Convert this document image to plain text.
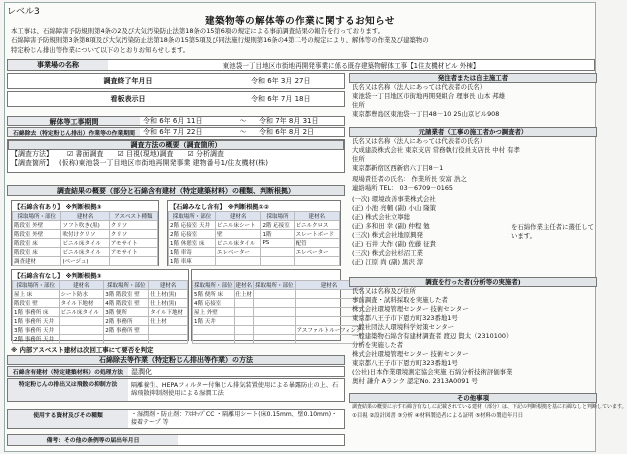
レベル3
建築物等の解体等の作業に関するお知らせ
本工事は、石綿障害予防規則第4条の2及び大気汚染防止法第18条の15第6項の規定による事前調査結果の報告を行っております。
石綿障害予防規則第3条第8項及び大気汚染防止法第18条の15第5項及び同法施行規則第16条の4第二号の規定により、解体等の作業及び建築物の
特定粉じん排出等作業について以下のとおりお知らせします。
事業場の名称	東池袋一丁目地区市街地再開発事業に係る既存建築物解体工事【1住友機材ビル 外棟】
調査終了年月日	令和 6年 3月 27日
看板表示日	令和 6年 7月 18日
解体等工事期間	令和 6年 6月 11日	〜	令和 7年 8月 31日
石綿除去（特定粉じん排出）作業等の作業期間	令和 6年 7月 22日	〜	令和 6年 8月 2日
調査方法の概要（調査箇所）
【調査方法】 ☑ 書面調査 ☑ 目視(現地)調査 ☑ 分析調査
【調査箇所】 (仮称)東池袋一丁目地区市街地再開発事業 建物番号1/住友機材(株)
調査結果の概要（部分と石綿含有建材（特定建築材料）の種類、判断根拠）
【石綿含有あり】 ※判断根拠③
採取場所・部位	建材名	アスベスト種類
階段室 外壁	ソフト吹き(黒)	クリソ
階段室 外壁	吹付けクリソ	クリソ
階段室 床	ビニル床タイル	アモサイト
階段室 床	ビニル床タイル	アモサイト
調査建材	(ベージュ)	
【石綿みなし含有】 ※判断根拠①②
採取場所・部位	建材名	採取場所	建材名
2階 応接室 天井	ビニル床シート	2階 応接室	ビニルクロス
2階 応接室	壁	1階	スレートボード
1階 休憩室 床	ビニル床タイル	PS	配管
1階 車寄	エレベーター		エレベーター
1階 車庫			
【石綿含有なし】 ※判断根拠③
採取場所・部位	建材名	採取場所・部位	建材名
屋上 床	シート防水	3階 階段室 壁	仕上材(黒)
階段室 壁	タイル下地材	4階 階段室 壁	仕上材(黒)
1階 事務所 床	ビニル床タイル	3階 便所	タイル下地材
1階 事務所 天井		2階 事務所	仕上材
3階 事務所 天井		2階 事務所 壁	
2階 事務所 天井			
採取場所・部位	建材名	採取場所・部位	建材名
5階 便所 床	仕上材		
4階 応接室			
屋上 外壁			
1階 天井			
			アスファルトルーフィング

※ 内部アスベスト建材は次回工事にて要否を判定
石綿除去等作業（特定粉じん排出等作業）の方法
石綿含有建材（特定建築材料）の処理方法	湿潤化
特定粉じんの排出又は飛散の抑制方法	隔離養生、HEPAフィルター付集じん排気装置使用による暴露防止の上、石綿飛散抑制剤使用による湿潤工法
使用する資材及びその種類	・湿潤剤・防止剤：ｱｽﾈｷｯﾌﾟCC ・隔離用シート(床0.15mm、壁0.10mm)・接着テープ 等
備考：その他の条例等の届出年月日
発注者または自主施工者
氏名又は名称（法人にあっては代表者の氏名）
東池袋一丁目地区市街地再開発組合 理事長 山本 邦雄
住所
東京都豊島区東池袋一丁目48－10 25山京ビル908
元請業者（工事の施工者かつ調査者）
氏名又は名称（法人にあっては代表者の氏名）
大成建設株式会社 東京支店 常務執行役員支店長 中村 有孝
住所
東京都新宿区西新宿六丁目8－1
現場責任者の氏名： 作業所長 安富 浩之
連絡場所 TEL： 03－6709－0165
(一次) 環境改善事業株式会社
(正) 小池 亮輔 (副) 小山 隆策
(正) 株式会社立寧総
(正) 多和田 幸 (副) 仲程 勉
(三次) 株式会社地原興発
(正) 石井 大作 (副) 佐藤 征貴
(三次) 株式会社杉沼工業
(正) 江原 尚 (副) 黒沢 淳
を石綿作業主任者に選任しています。
調査を行った者(分析等の実施者)
氏名又は名称及び住所
事前調査・試料採取を実施した者
株式会社環境管理センター 技術センター
東京都八王子市下恩方町323番地1号
一般社団法人環境科学対策センター
一般建築物石綿含有建材調査者 渡辺 賢太（2310100）
分析を実施した者
株式会社環境管理センター 技術センター
東京都八王子市下恩方町323番地1号
(公社)日本作業環境測定協会実施 石綿分析技術評価事業
奥村 謙介 Aランク 認定No. 2313A0091 号
その他事項
調査結果の概要に示す石綿含有なしに記載されている建材（部分）は、下記の判断根拠を基に石綿なしと判断しています。
①目視 ②設計図書 ③分析 ④材料製造者による証明 ⑤材料の製造年月日
